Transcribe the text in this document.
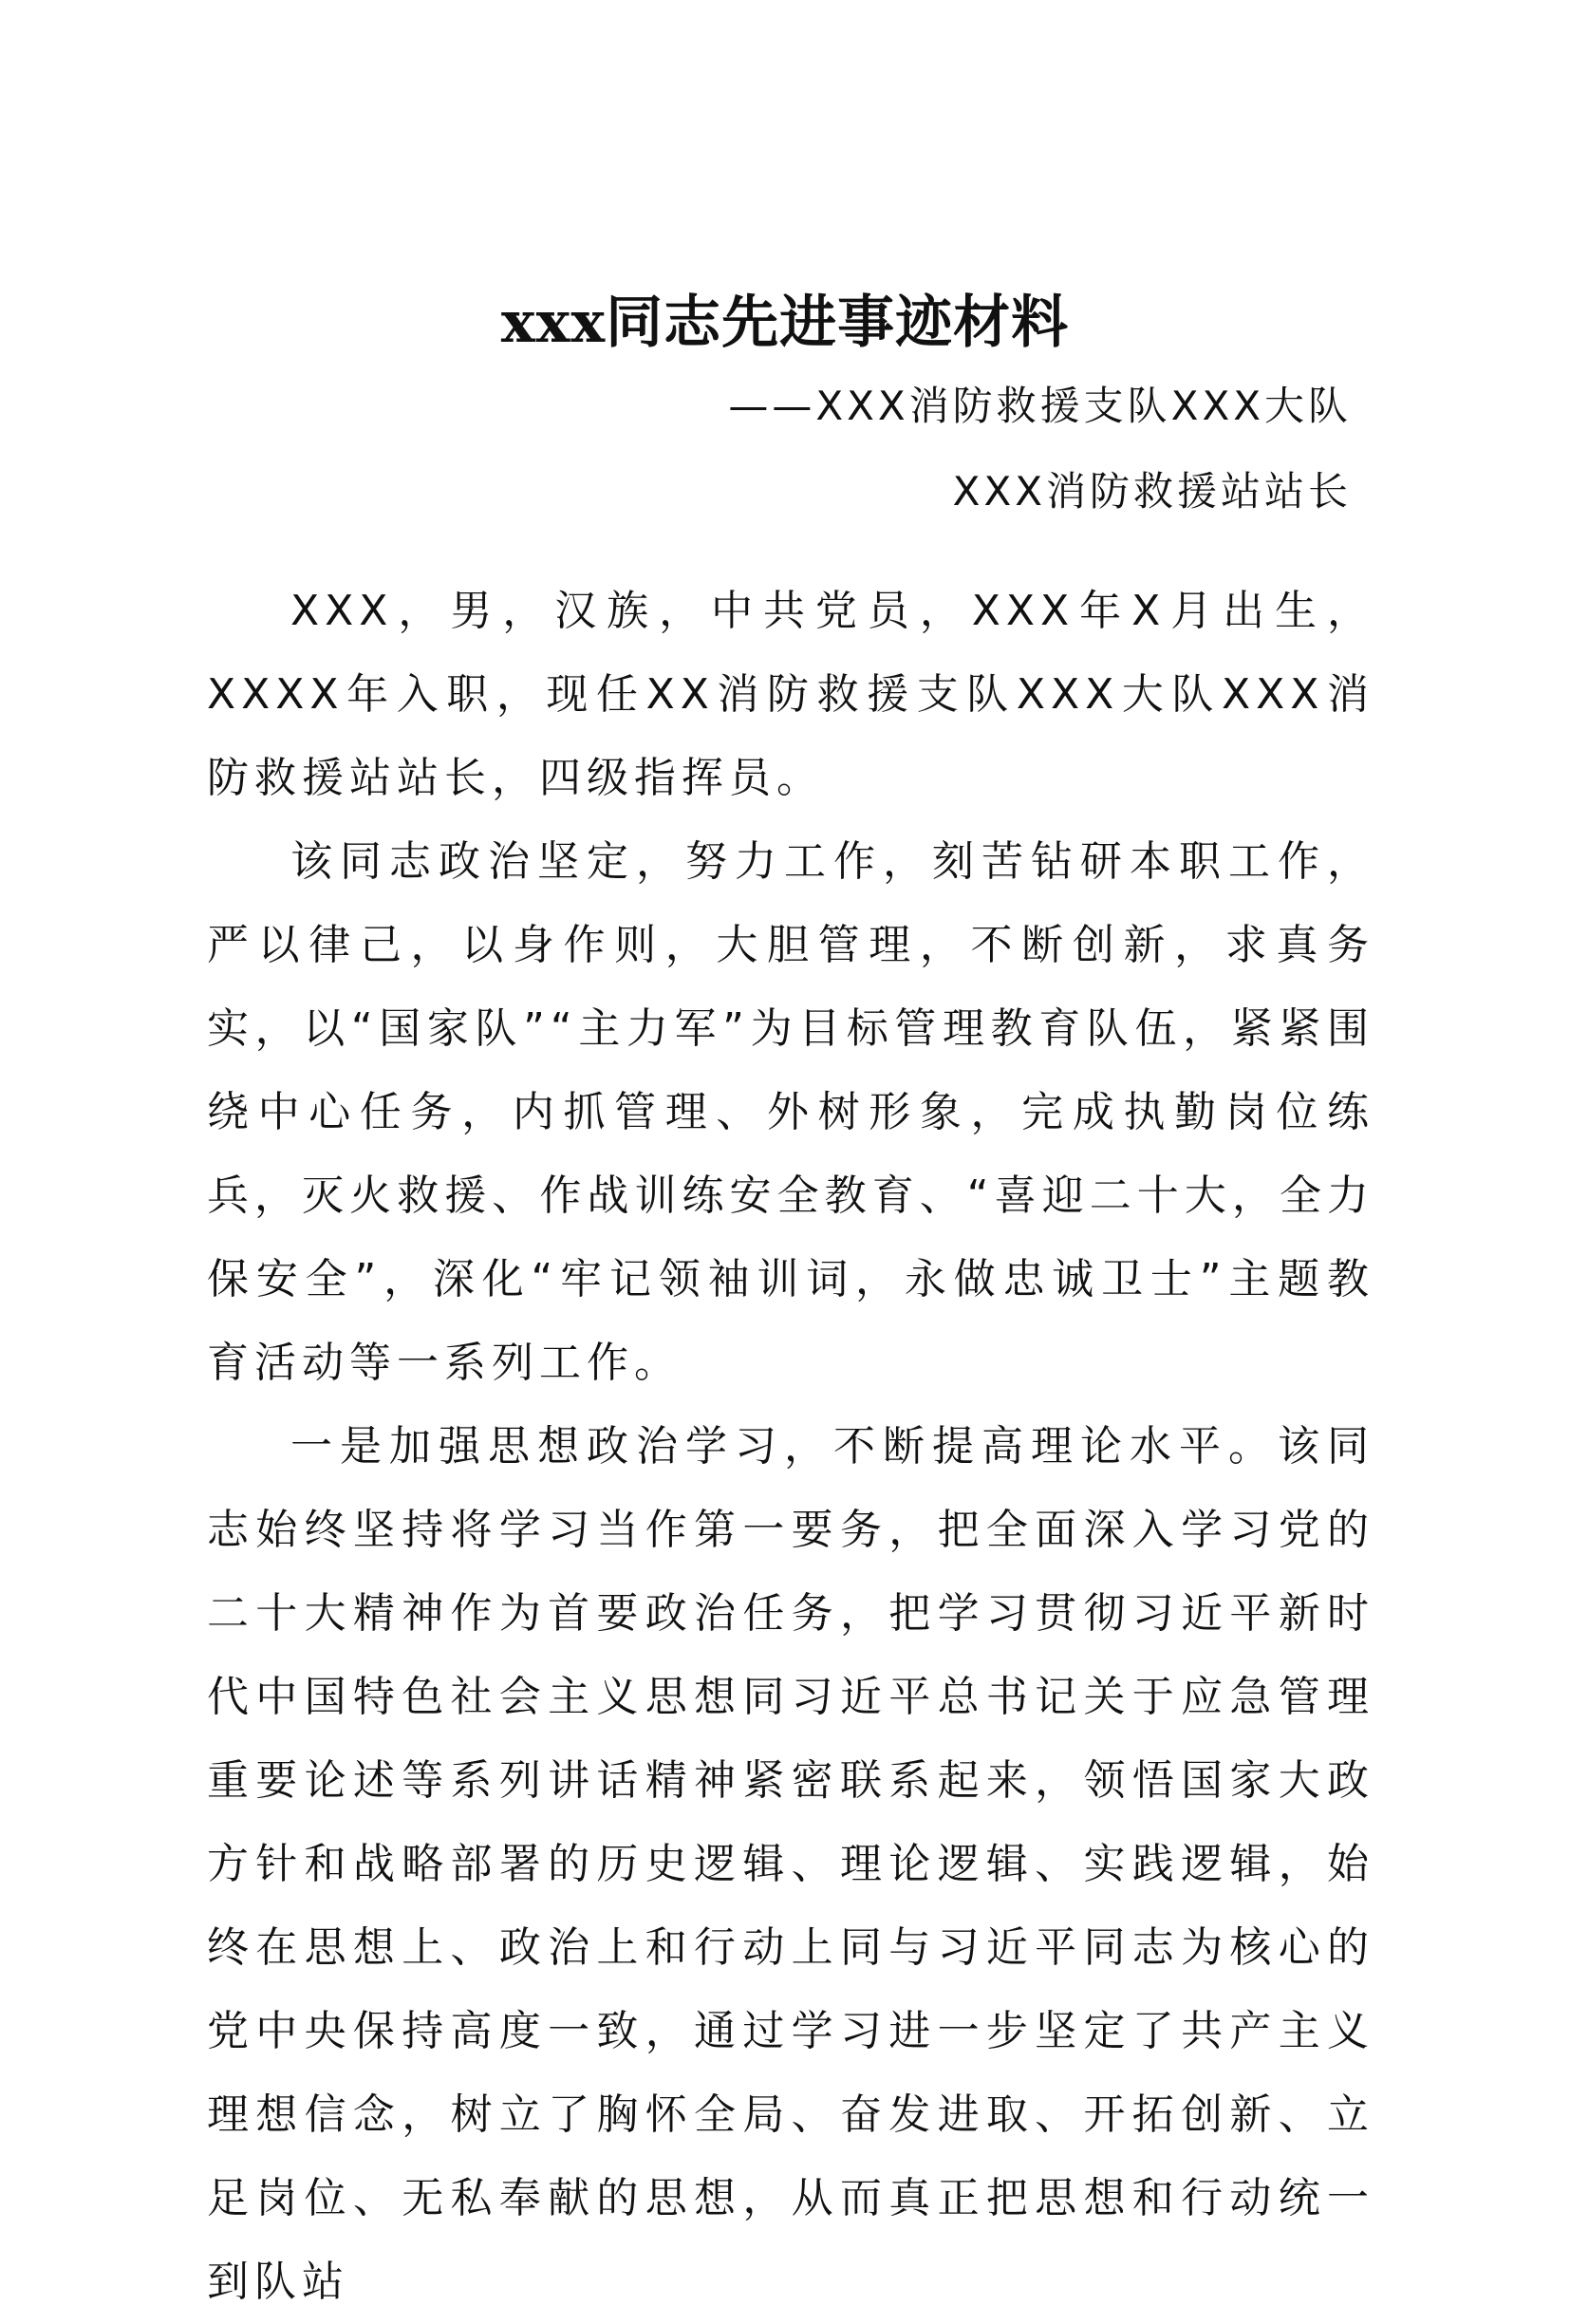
xxx同志先进事迹材料
——XXX消防救援支队XXX大队
XXX消防救援站站长

XXX，男，汉族，中共党员，XXX年X月出生，XXXX年入职，现任XX消防救援支队XXX大队XXX消防救援站站长，四级指挥员。

该同志政治坚定，努力工作，刻苦钻研本职工作，严以律己，以身作则，大胆管理，不断创新，求真务实，以“国家队”“主力军”为目标管理教育队伍，紧紧围绕中心任务，内抓管理、外树形象，完成执勤岗位练兵，灭火救援、作战训练安全教育、“喜迎二十大，全力保安全”，深化“牢记领袖训词，永做忠诚卫士”主题教育活动等一系列工作。

一是加强思想政治学习，不断提高理论水平。该同志始终坚持将学习当作第一要务，把全面深入学习党的二十大精神作为首要政治任务，把学习贯彻习近平新时代中国特色社会主义思想同习近平总书记关于应急管理重要论述等系列讲话精神紧密联系起来，领悟国家大政方针和战略部署的历史逻辑、理论逻辑、实践逻辑，始终在思想上、政治上和行动上同与习近平同志为核心的党中央保持高度一致，通过学习进一步坚定了共产主义理想信念，树立了胸怀全局、奋发进取、开拓创新、立足岗位、无私奉献的思想，从而真正把思想和行动统一到队站
